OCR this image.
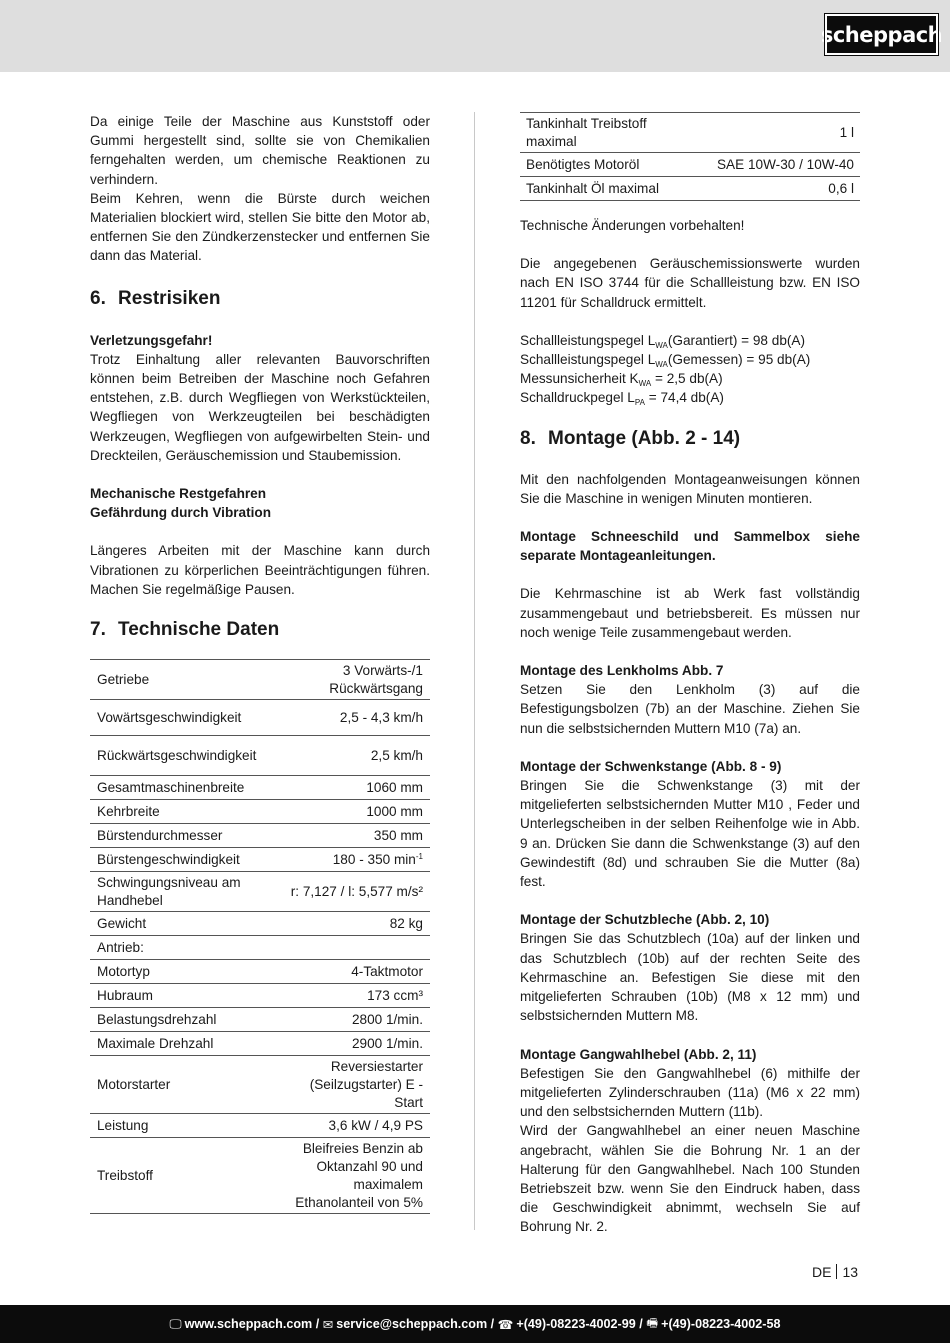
scheppach

Da einige Teile der Maschine aus Kunststoff oder Gummi hergestellt sind, sollte sie von Chemikalien ferngehalten werden, um chemische Reaktionen zu verhindern.

Beim Kehren, wenn die Bürste durch weichen Materialien blockiert wird, stellen Sie bitte den Motor ab, entfernen Sie den Zündkerzenstecker und entfernen Sie dann das Material.

6. Restrisiken

Verletzungsgefahr!

Trotz Einhaltung aller relevanten Bauvorschriften können beim Betreiben der Maschine noch Gefahren entstehen, z.B. durch Wegfliegen von Werkstückteilen, Wegfliegen von Werkzeugteilen bei beschädigten Werkzeugen, Wegfliegen von aufgewirbelten Stein- und Dreckteilen, Geräuschemission und Staubemission.

Mechanische Restgefahren

Gefährdung durch Vibration

Längeres Arbeiten mit der Maschine kann durch Vibrationen zu körperlichen Beeinträchtigungen führen. Machen Sie regelmäßige Pausen.

7. Technische Daten
Getriebe	3 Vorwärts-/1 Rückwärtsgang
Vowärtsgeschwindigkeit	2,5 - 4,3 km/h
Rückwärtsgeschwindigkeit	2,5 km/h
Gesamtmaschinenbreite	1060 mm
Kehrbreite	1000 mm
Bürstendurchmesser	350 mm
Bürstengeschwindigkeit	180 - 350 $\min^{-1}$
Schwingungsniveau am Handhebel	r: 7,127 / l: 5,577 m/s²
Gewicht	82 kg
Antrieb:	
Motortyp	4-Taktmotor
Hubraum	173 ccm³
Belastungsdrehzahl	2800 1/min.
Maximale Drehzahl	2900 1/min.
Motorstarter	Reversiestarter (Seilzugstarter) E - Start
Leistung	3,6 kW / 4,9 PS
Treibstoff	Bleifreies Benzin ab Oktanzahl 90 und maximalem Ethanolanteil von 5%
Tankinhalt Treibstoff maximal	1 l
Benötigtes Motoröl	SAE 10W-30 / 10W-40
Tankinhalt Öl maximal	0,6 l

Technische Änderungen vorbehalten!

Die angegebenen Geräuschemissionswerte wurden nach EN ISO 3744 für die Schallleistung bzw. EN ISO 11201 für Schalldruck ermittelt.

Schallleistungspegel $L_{WA}(Garantiert) = 98$ db(A)

Schallleistungspegel $L_{WA}(Gemessen) = 95$ db(A)

Messunsicherheit $K_{WA} = 2,5$ db(A)

Schalldruckpegel $L_{PA} = 74,4$ db(A)

8. Montage (Abb. 2 - 14)

Mit den nachfolgenden Montageanweisungen können Sie die Maschine in wenigen Minuten montieren.

Montage Schneeschild und Sammelbox siehe separate Montageanleitungen.

Die Kehrmaschine ist ab Werk fast vollständig zusammengebaut und betriebsbereit. Es müssen nur noch wenige Teile zusammengebaut werden.

Montage des Lenkholms Abb. 7

Setzen Sie den Lenkholm (3) auf die Befestigungsbolzen (7b) an der Maschine. Ziehen Sie nun die selbstsichernden Muttern M10 (7a) an.

Montage der Schwenkstange (Abb. 8 - 9)

Bringen Sie die Schwenkstange (3) mit der mitgelieferten selbstsichernden Mutter M10 , Feder und Unterlegscheiben in der selben Reihenfolge wie in Abb. 9 an. Drücken Sie dann die Schwenkstange (3) auf den Gewindestift (8d) und schrauben Sie die Mutter (8a) fest.

Montage der Schutzbleche (Abb. 2, 10)

Bringen Sie das Schutzblech (10a) auf der linken und das Schutzblech (10b) auf der rechten Seite des Kehrmaschine an. Befestigen Sie diese mit den mitgelieferten Schrauben (10b) (M8 x 12 mm) und selbstsichernden Muttern M8.

Montage Gangwahlhebel (Abb. 2, 11)

Befestigen Sie den Gangwahlhebel (6) mithilfe der mitgelieferten Zylinderschrauben (11a) (M6 x 22 mm) und den selbstsichernden Muttern (11b).

Wird der Gangwahlhebel an einer neuen Maschine angebracht, wählen Sie die Bohrung Nr. 1 an der Halterung für den Gangwahlhebel. Nach 100 Stunden Betriebszeit bzw. wenn Sie den Eindruck haben, dass die Geschwindigkeit abnimmt, wechseln Sie auf Bohrung Nr. 2.

DE 13
🖵 www.scheppach.com /
✉ service@scheppach.com /
☎ +(49)-08223-4002-99 /
🖷 +(49)-08223-4002-58
